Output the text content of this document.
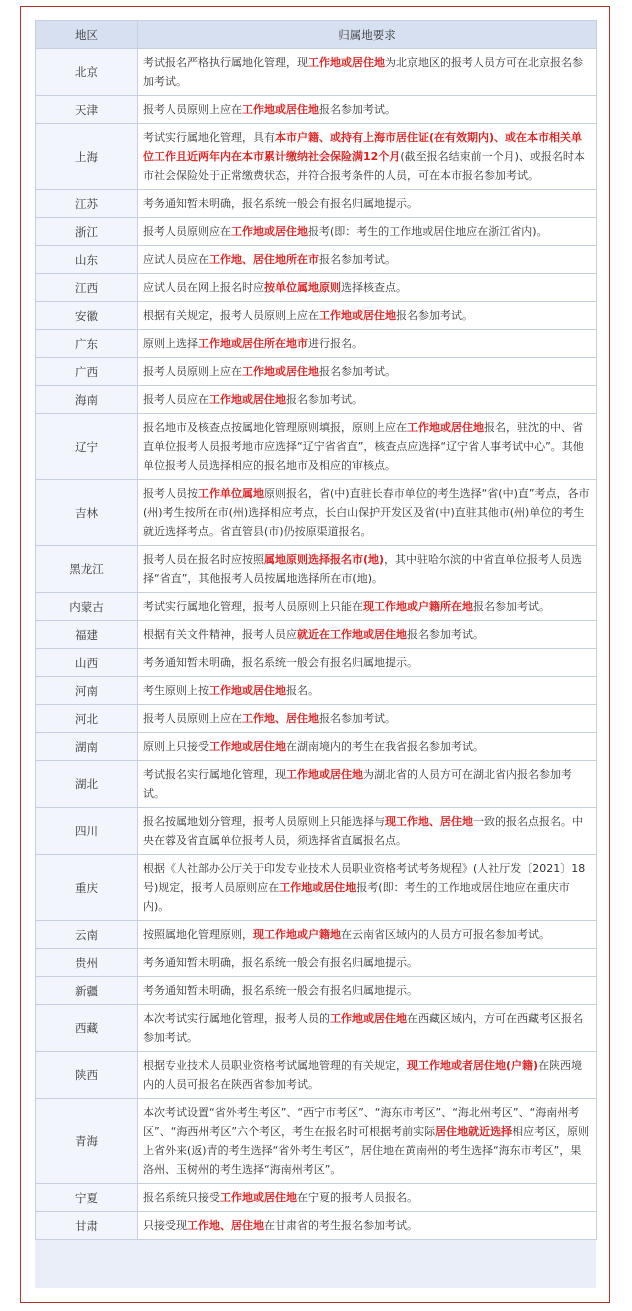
地区	归属地要求
北京	考试报名严格执行属地化管理，现工作地或居住地为北京地区的报考人员方可在北京报名参加考试。
天津	报考人员原则上应在工作地或居住地报名参加考试。
上海	考试实行属地化管理，具有本市户籍、或持有上海市居住证(在有效期内)、或在本市相关单位工作且近两年内在本市累计缴纳社会保险满12个月(截至报名结束前一个月)、或报名时本市社会保险处于正常缴费状态，并符合报考条件的人员，可在本市报名参加考试。
江苏	考务通知暂未明确，报名系统一般会有报名归属地提示。
浙江	报考人员原则应在工作地或居住地报考(即：考生的工作地或居住地应在浙江省内)。
山东	应试人员应在工作地、居住地所在市报名参加考试。
江西	应试人员在网上报名时应按单位属地原则选择核查点。
安徽	根据有关规定，报考人员原则上应在工作地或居住地报名参加考试。
广东	原则上选择工作地或居住所在地市进行报名。
广西	报考人员原则上应在工作地或居住地报名参加考试。
海南	报考人员应在工作地或居住地报名参加考试。
辽宁	报名地市及核查点按属地化管理原则填报，原则上应在工作地或居住地报名，驻沈的中、省直单位报考人员报考地市应选择“辽宁省省直”，核查点应选择“辽宁省人事考试中心”。其他单位报考人员选择相应的报名地市及相应的审核点。
吉林	报考人员按工作单位属地原则报名，省(中)直驻长春市单位的考生选择“省(中)直”考点，各市(州)考生按所在市(州)选择相应考点，长白山保护开发区及省(中)直驻其他市(州)单位的考生就近选择考点。省直管县(市)仍按原渠道报名。
黑龙江	报考人员在报名时应按照属地原则选择报名市(地)，其中驻哈尔滨的中省直单位报考人员选择“省直”，其他报考人员按属地选择所在市(地)。
内蒙古	考试实行属地化管理，报考人员原则上只能在现工作地或户籍所在地报名参加考试。
福建	根据有关文件精神，报考人员应就近在工作地或居住地报名参加考试。
山西	考务通知暂未明确，报名系统一般会有报名归属地提示。
河南	考生原则上按工作地或居住地报名。
河北	报考人员原则上应在工作地、居住地报名参加考试。
湖南	原则上只接受工作地或居住地在湖南境内的考生在我省报名参加考试。
湖北	考试报名实行属地化管理，现工作地或居住地为湖北省的人员方可在湖北省内报名参加考试。
四川	报名按属地划分管理，报考人员原则上只能选择与现工作地、居住地一致的报名点报名。中央在蓉及省直属单位报考人员，须选择省直属报名点。
重庆	根据《人社部办公厅关于印发专业技术人员职业资格考试考务规程》(人社厅发〔2021〕18号)规定，报考人员原则应在工作地或居住地报考(即：考生的工作地或居住地应在重庆市内)。
云南	按照属地化管理原则，现工作地或户籍地在云南省区域内的人员方可报名参加考试。
贵州	考务通知暂未明确，报名系统一般会有报名归属地提示。
新疆	考务通知暂未明确，报名系统一般会有报名归属地提示。
西藏	本次考试实行属地化管理，报考人员的工作地或居住地在西藏区域内，方可在西藏考区报名参加考试。
陕西	根据专业技术人员职业资格考试属地管理的有关规定，现工作地或者居住地(户籍)在陕西境内的人员可报名在陕西省参加考试。
青海	本次考试设置“省外考生考区”、“西宁市考区”、“海东市考区”、“海北州考区”、“海南州考区”、“海西州考区”六个考区，考生在报名时可根据考前实际居住地就近选择相应考区，原则上省外来(返)青的考生选择“省外考生考区”，居住地在黄南州的考生选择“海东市考区”，果洛州、玉树州的考生选择“海南州考区”。
宁夏	报名系统只接受工作地或居住地在宁夏的报考人员报名。
甘肃	只接受现工作地、居住地在甘肃省的考生报名参加考试。
